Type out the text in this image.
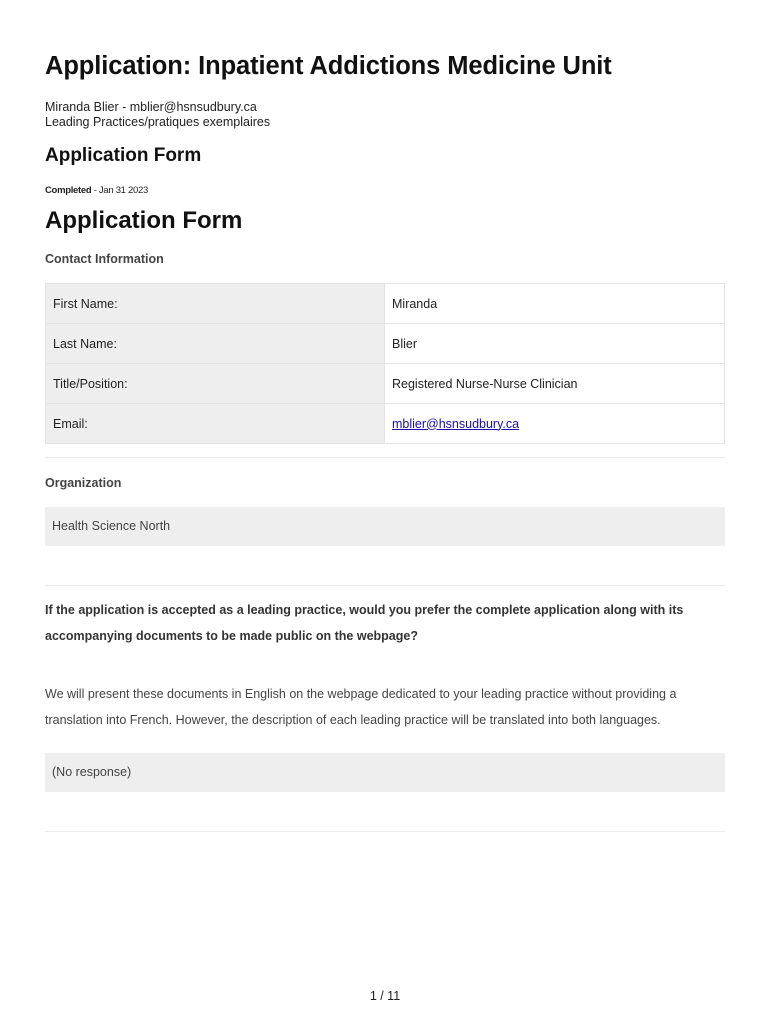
Application: Inpatient Addictions Medicine Unit
Miranda Blier - mblier@hsnsudbury.ca
Leading Practices/pratiques exemplaires
Application Form
Completed - Jan 31 2023
Application Form
Contact Information
First Name:	Miranda
Last Name:	Blier
Title/Position:	Registered Nurse-Nurse Clinician
Email:	mblier@hsnsudbury.ca
Organization
Health Science North
If the application is accepted as a leading practice, would you prefer the complete application along with its accompanying documents to be made public on the webpage?
We will present these documents in English on the webpage dedicated to your leading practice without providing a translation into French. However, the description of each leading practice will be translated into both languages.
(No response)
1 / 11
